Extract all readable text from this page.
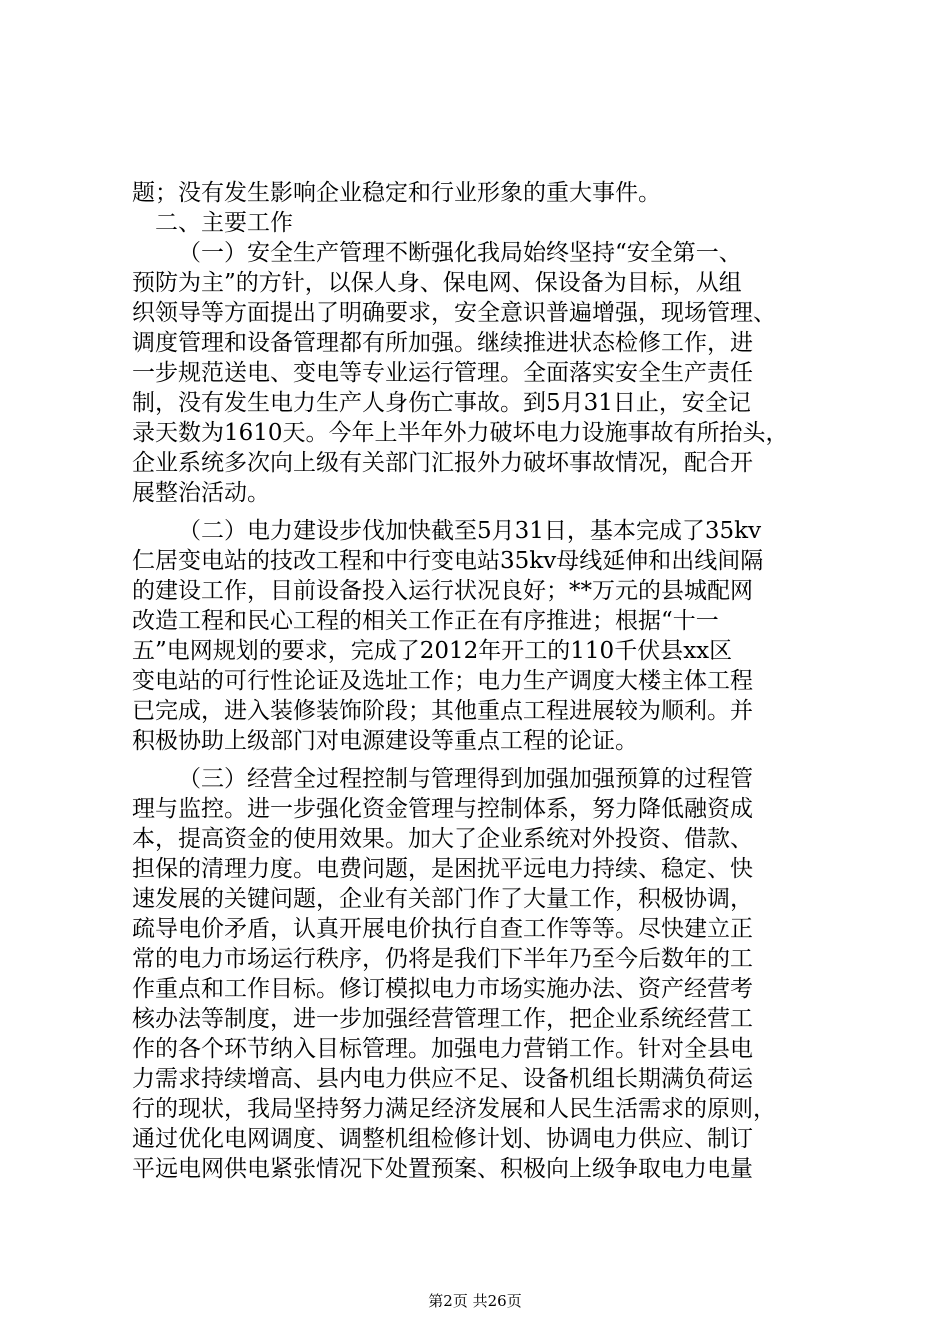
题；没有发生影响企业稳定和行业形象的重大事件。
二、主要工作
（一）安全生产管理不断强化我局始终坚持“安全第一、
预防为主”的方针，以保人身、保电网、保设备为目标，从组
织领导等方面提出了明确要求，安全意识普遍增强，现场管理、
调度管理和设备管理都有所加强。继续推进状态检修工作，进
一步规范送电、变电等专业运行管理。全面落实安全生产责任
制，没有发生电力生产人身伤亡事故。到5月31日止，安全记
录天数为1610天。今年上半年外力破坏电力设施事故有所抬头，
企业系统多次向上级有关部门汇报外力破坏事故情况，配合开
展整治活动。
（二）电力建设步伐加快截至5月31日，基本完成了35kv
仁居变电站的技改工程和中行变电站35kv母线延伸和出线间隔
的建设工作，目前设备投入运行状况良好；**万元的县城配网
改造工程和民心工程的相关工作正在有序推进；根据“十一
五”电网规划的要求，完成了2012年开工的110千伏县xx区
变电站的可行性论证及选址工作；电力生产调度大楼主体工程
已完成，进入装修装饰阶段；其他重点工程进展较为顺利。并
积极协助上级部门对电源建设等重点工程的论证。
（三）经营全过程控制与管理得到加强加强预算的过程管
理与监控。进一步强化资金管理与控制体系，努力降低融资成
本，提高资金的使用效果。加大了企业系统对外投资、借款、
担保的清理力度。电费问题，是困扰平远电力持续、稳定、快
速发展的关键问题，企业有关部门作了大量工作，积极协调，
疏导电价矛盾，认真开展电价执行自查工作等等。尽快建立正
常的电力市场运行秩序，仍将是我们下半年乃至今后数年的工
作重点和工作目标。修订模拟电力市场实施办法、资产经营考
核办法等制度，进一步加强经营管理工作，把企业系统经营工
作的各个环节纳入目标管理。加强电力营销工作。针对全县电
力需求持续增高、县内电力供应不足、设备机组长期满负荷运
行的现状，我局坚持努力满足经济发展和人民生活需求的原则，
通过优化电网调度、调整机组检修计划、协调电力供应、制订
平远电网供电紧张情况下处置预案、积极向上级争取电力电量
第2页 共26页
